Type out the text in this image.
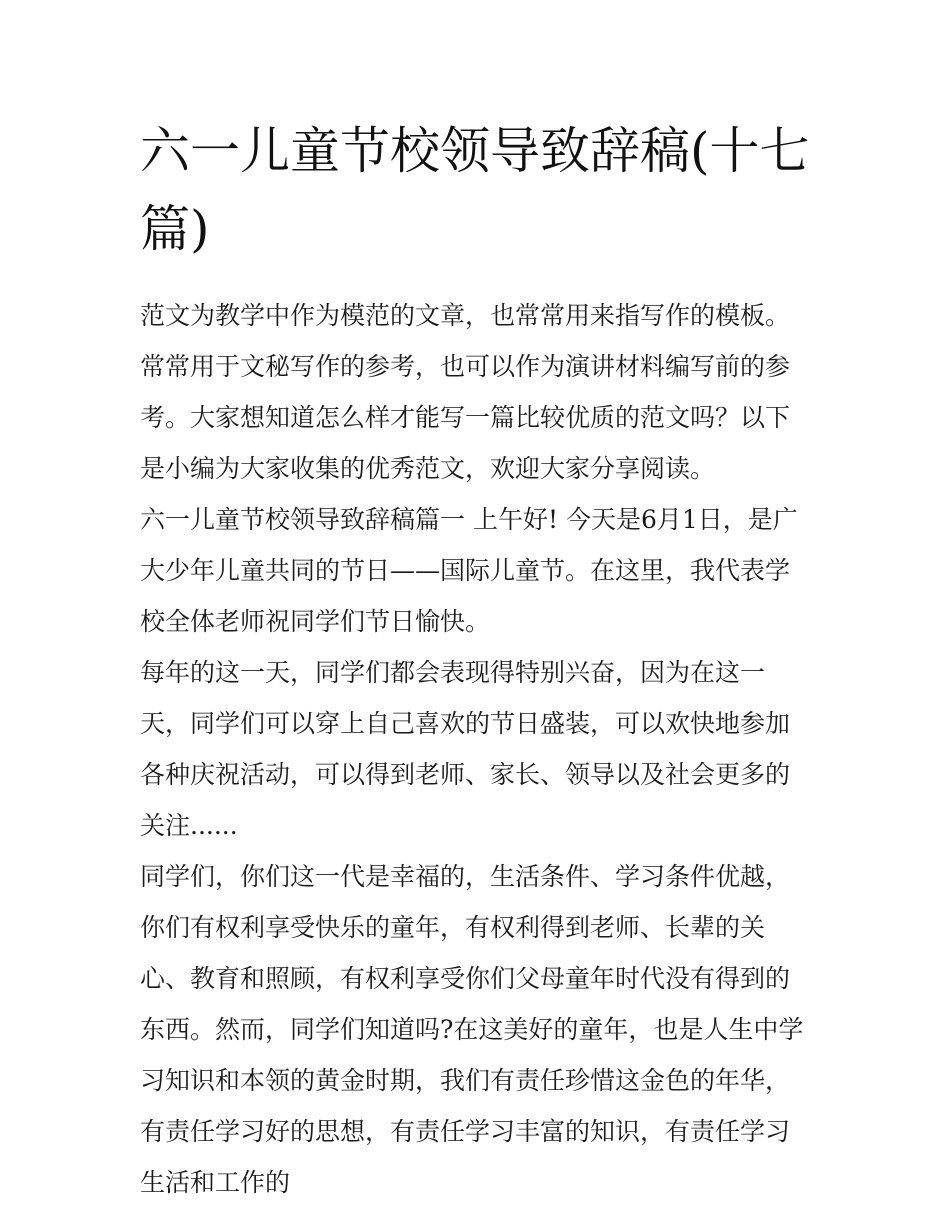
六一儿童节校领导致辞稿(十七篇)

范文为教学中作为模范的文章，也常常用来指写作的模板。常常用于文秘写作的参考，也可以作为演讲材料编写前的参考。大家想知道怎么样才能写一篇比较优质的范文吗？以下是小编为大家收集的优秀范文，欢迎大家分享阅读。

六一儿童节校领导致辞稿篇一 上午好! 今天是6月1日，是广大少年儿童共同的节日——国际儿童节。在这里，我代表学校全体老师祝同学们节日愉快。

每年的这一天，同学们都会表现得特别兴奋，因为在这一天，同学们可以穿上自己喜欢的节日盛装，可以欢快地参加各种庆祝活动，可以得到老师、家长、领导以及社会更多的关注......

同学们，你们这一代是幸福的，生活条件、学习条件优越，你们有权利享受快乐的童年，有权利得到老师、长辈的关心、教育和照顾，有权利享受你们父母童年时代没有得到的东西。然而，同学们知道吗?在这美好的童年，也是人生中学习知识和本领的黄金时期，我们有责任珍惜这金色的年华，有责任学习好的思想，有责任学习丰富的知识，有责任学习生活和工作的
